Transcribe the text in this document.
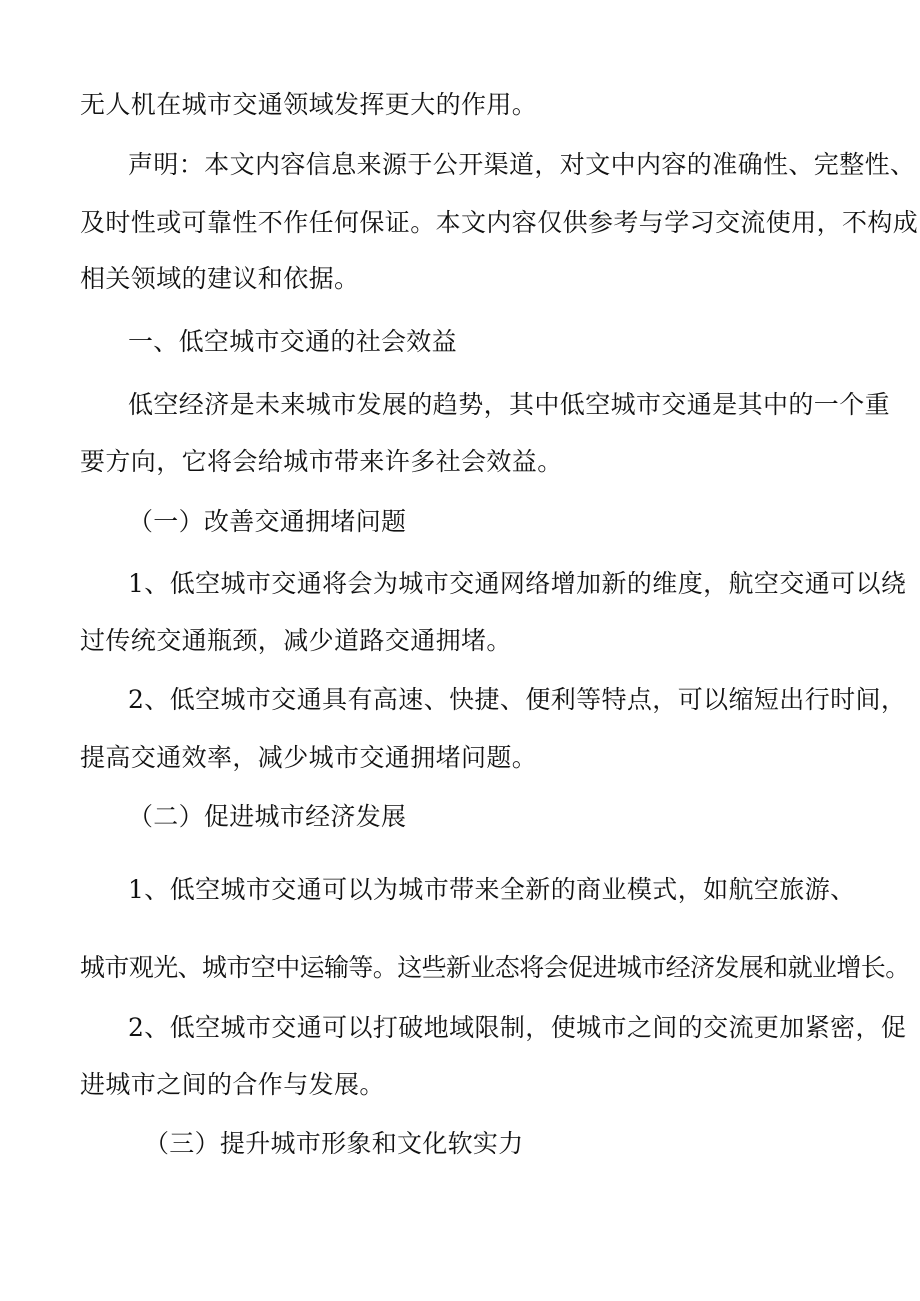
无人机在城市交通领域发挥更大的作用。
声明：本文内容信息来源于公开渠道，对文中内容的准确性、完整性、
及时性或可靠性不作任何保证。本文内容仅供参考与学习交流使用，不构成
相关领域的建议和依据。
一、低空城市交通的社会效益
低空经济是未来城市发展的趋势，其中低空城市交通是其中的一个重
要方向，它将会给城市带来许多社会效益。
（一）改善交通拥堵问题
1、低空城市交通将会为城市交通网络增加新的维度，航空交通可以绕
过传统交通瓶颈，减少道路交通拥堵。
2、低空城市交通具有高速、快捷、便利等特点，可以缩短出行时间，
提高交通效率，减少城市交通拥堵问题。
（二）促进城市经济发展
1、低空城市交通可以为城市带来全新的商业模式，如航空旅游、
城市观光、城市空中运输等。这些新业态将会促进城市经济发展和就业增长。
2、低空城市交通可以打破地域限制，使城市之间的交流更加紧密，促
进城市之间的合作与发展。
（三）提升城市形象和文化软实力
